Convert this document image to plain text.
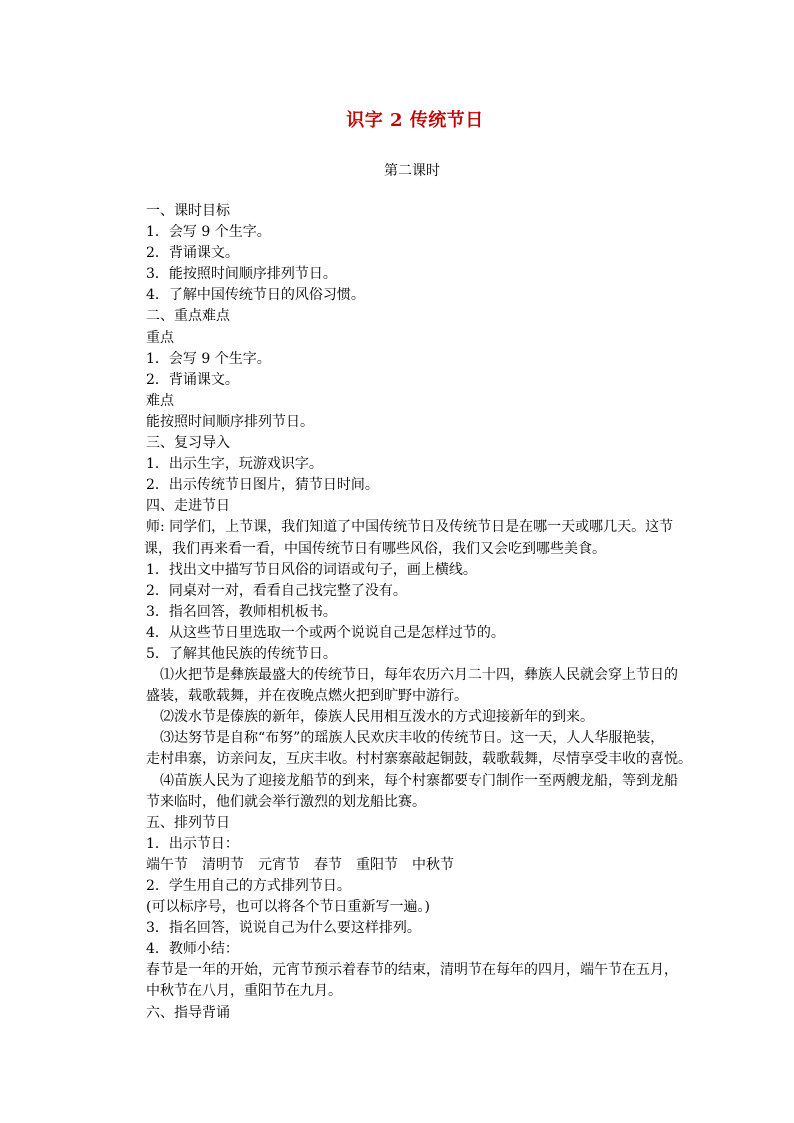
识字 2 传统节日
第二课时
一、课时目标
1．会写 9 个生字。
2．背诵课文。
3．能按照时间顺序排列节日。
4．了解中国传统节日的风俗习惯。
二、重点难点
重点
1．会写 9 个生字。
2．背诵课文。
难点
能按照时间顺序排列节日。
三、复习导入
1．出示生字，玩游戏识字。
2．出示传统节日图片，猜节日时间。
四、走进节日
师: 同学们，上节课，我们知道了中国传统节日及传统节日是在哪一天或哪几天。这节
课，我们再来看一看，中国传统节日有哪些风俗，我们又会吃到哪些美食。
1．找出文中描写节日风俗的词语或句子，画上横线。
2．同桌对一对，看看自己找完整了没有。
3．指名回答，教师相机板书。
4．从这些节日里选取一个或两个说说自己是怎样过节的。
5．了解其他民族的传统节日。
⑴火把节是彝族最盛大的传统节日，每年农历六月二十四，彝族人民就会穿上节日的
盛装，载歌载舞，并在夜晚点燃火把到旷野中游行。
⑵泼水节是傣族的新年，傣族人民用相互泼水的方式迎接新年的到来。
⑶达努节是自称“布努”的瑶族人民欢庆丰收的传统节日。这一天，人人华服艳装，
走村串寨，访亲问友，互庆丰收。村村寨寨敲起铜鼓，载歌载舞，尽情享受丰收的喜悦。
⑷苗族人民为了迎接龙船节的到来，每个村寨都要专门制作一至两艘龙船，等到龙船
节来临时，他们就会举行激烈的划龙船比赛。
五、排列节日
1．出示节日：
端午节　清明节　元宵节　春节　重阳节　中秋节
2．学生用自己的方式排列节日。
(可以标序号，也可以将各个节日重新写一遍。)
3．指名回答，说说自己为什么要这样排列。
4．教师小结：
春节是一年的开始，元宵节预示着春节的结束，清明节在每年的四月，端午节在五月，
中秋节在八月，重阳节在九月。
六、指导背诵
